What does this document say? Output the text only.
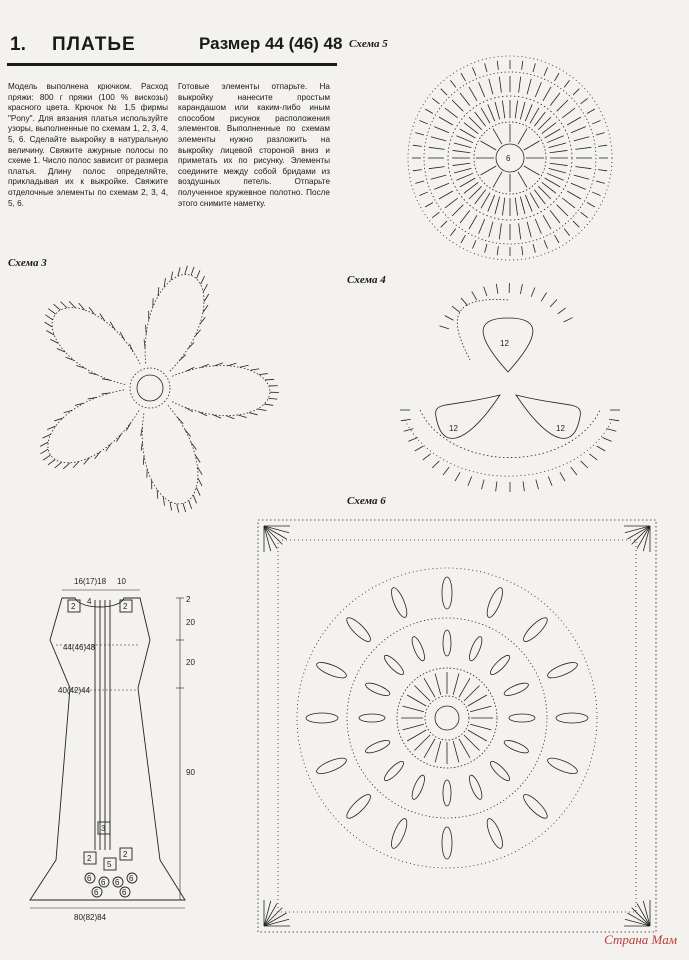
1. ПЛАТЬЕ	Размер 44 (46) 48
Модель выполнена крючком. Расход пряжи: 800 г пряжи (100 % вискозы) красного цвета. Крючок № 1,5 фирмы "Pony". Для вязания платья используйте узоры, выполненные по схемам 1, 2, 3, 4, 5, 6. Сделайте выкройку в натуральную величину. Свяжите ажурные полосы по схеме 1. Число полос зависит от размера платья. Длину полос определяйте, прикладывая их к выкройке. Свяжите отделочные элементы по схемам 2, 3, 4, 5, 6.
Готовые элементы отпарьте. На выкройку нанесите простым карандашом или каким-либо иным способом рисунок расположения элементов. Выполненные по схемам элементы нужно разложить на выкройку лицевой стороной вниз и приметать их по рисунку. Элементы соедините между собой бридами из воздушных петель. Отпарьте полученное кружевное полотно. После этого снимите наметку.
Схема 5
Схема 3
Схема 4
Схема 6
6
12
12	12
16(17)18 10
44(46)48
40(42)44
80(82)84
2
20
20
90
2
4
2
3
2	2
5
6 6 6 6
6	6
Страна Мам
